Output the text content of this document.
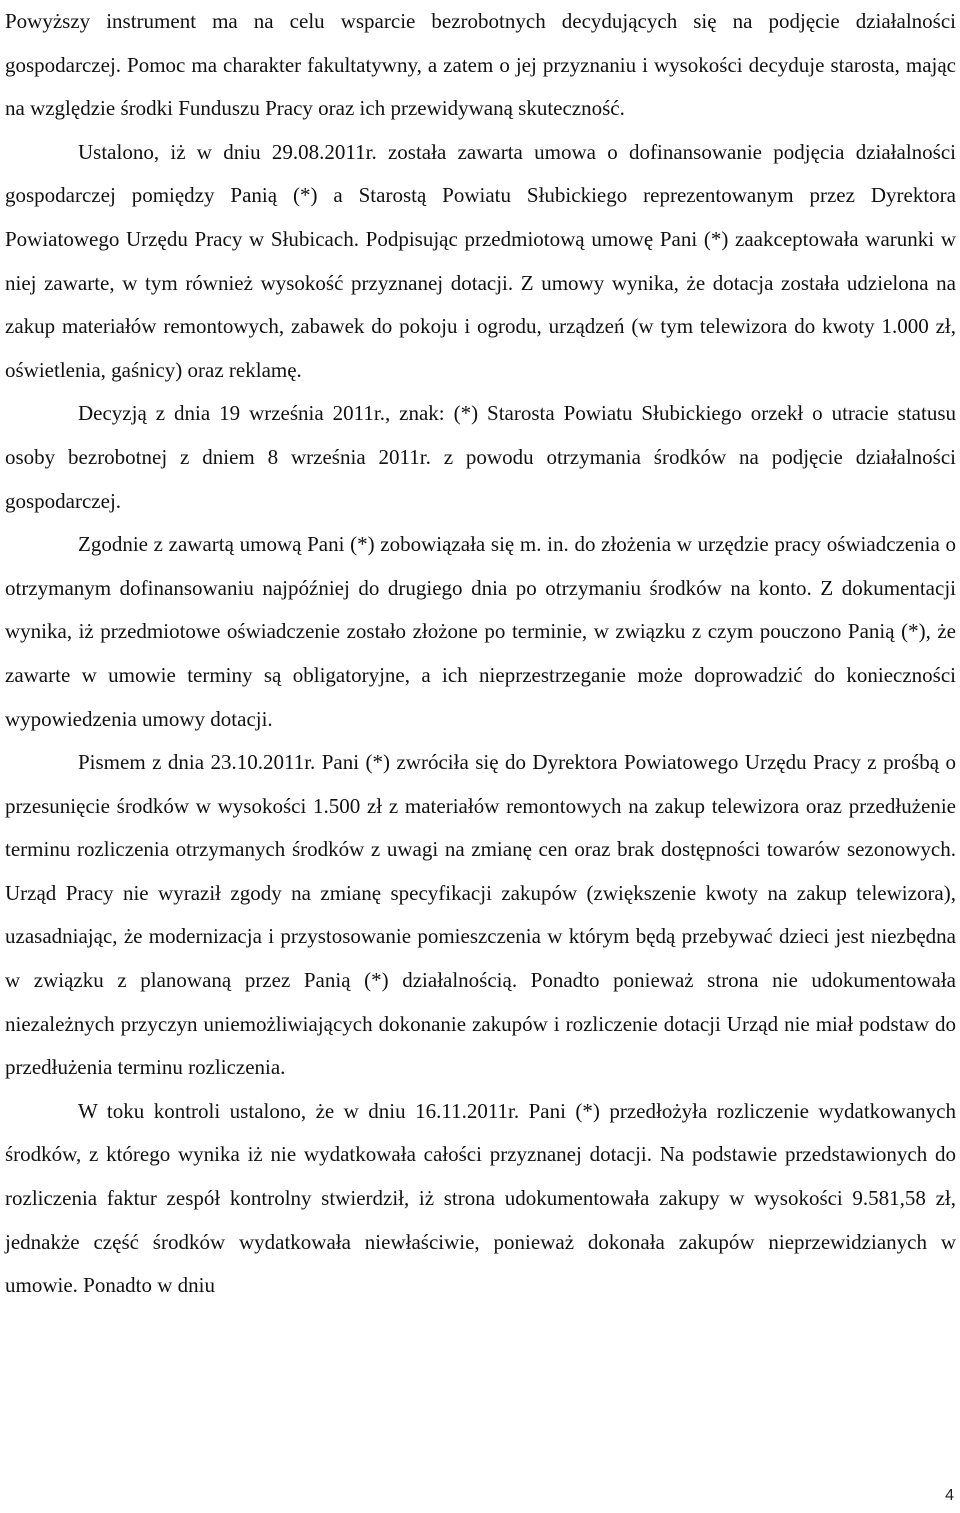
Powyższy instrument ma na celu wsparcie bezrobotnych decydujących się na podjęcie działalności gospodarczej. Pomoc ma charakter fakultatywny, a zatem o jej przyznaniu i wysokości decyduje starosta, mając na względzie środki Funduszu Pracy oraz ich przewidywaną skuteczność.

Ustalono, iż w dniu 29.08.2011r. została zawarta umowa o dofinansowanie podjęcia działalności gospodarczej pomiędzy Panią (*) a Starostą Powiatu Słubickiego reprezentowanym przez Dyrektora Powiatowego Urzędu Pracy w Słubicach. Podpisując przedmiotową umowę Pani (*) zaakceptowała warunki w niej zawarte, w tym również wysokość przyznanej dotacji. Z umowy wynika, że dotacja została udzielona na zakup materiałów remontowych, zabawek do pokoju i ogrodu, urządzeń (w tym telewizora do kwoty 1.000 zł, oświetlenia, gaśnicy) oraz reklamę.

Decyzją z dnia 19 września 2011r., znak: (*) Starosta Powiatu Słubickiego orzekł o utracie statusu osoby bezrobotnej z dniem 8 września 2011r. z powodu otrzymania środków na podjęcie działalności gospodarczej.

Zgodnie z zawartą umową Pani (*) zobowiązała się m. in. do złożenia w urzędzie pracy oświadczenia o otrzymanym dofinansowaniu najpóźniej do drugiego dnia po otrzymaniu środków na konto. Z dokumentacji wynika, iż przedmiotowe oświadczenie zostało złożone po terminie, w związku z czym pouczono Panią (*), że zawarte w umowie terminy są obligatoryjne, a ich nieprzestrzeganie może doprowadzić do konieczności wypowiedzenia umowy dotacji.

Pismem z dnia 23.10.2011r. Pani (*) zwróciła się do Dyrektora Powiatowego Urzędu Pracy z prośbą o przesunięcie środków w wysokości 1.500 zł z materiałów remontowych na zakup telewizora oraz przedłużenie terminu rozliczenia otrzymanych środków z uwagi na zmianę cen oraz brak dostępności towarów sezonowych. Urząd Pracy nie wyraził zgody na zmianę specyfikacji zakupów (zwiększenie kwoty na zakup telewizora), uzasadniając, że modernizacja i przystosowanie pomieszczenia w którym będą przebywać dzieci jest niezbędna w związku z planowaną przez Panią (*) działalnością. Ponadto ponieważ strona nie udokumentowała niezależnych przyczyn uniemożliwiających dokonanie zakupów i rozliczenie dotacji Urząd nie miał podstaw do przedłużenia terminu rozliczenia.

W toku kontroli ustalono, że w dniu 16.11.2011r. Pani (*) przedłożyła rozliczenie wydatkowanych środków, z którego wynika iż nie wydatkowała całości przyznanej dotacji. Na podstawie przedstawionych do rozliczenia faktur zespół kontrolny stwierdził, iż strona udokumentowała zakupy w wysokości 9.581,58 zł, jednakże część środków wydatkowała niewłaściwie, ponieważ dokonała zakupów nieprzewidzianych w umowie. Ponadto w dniu

4
